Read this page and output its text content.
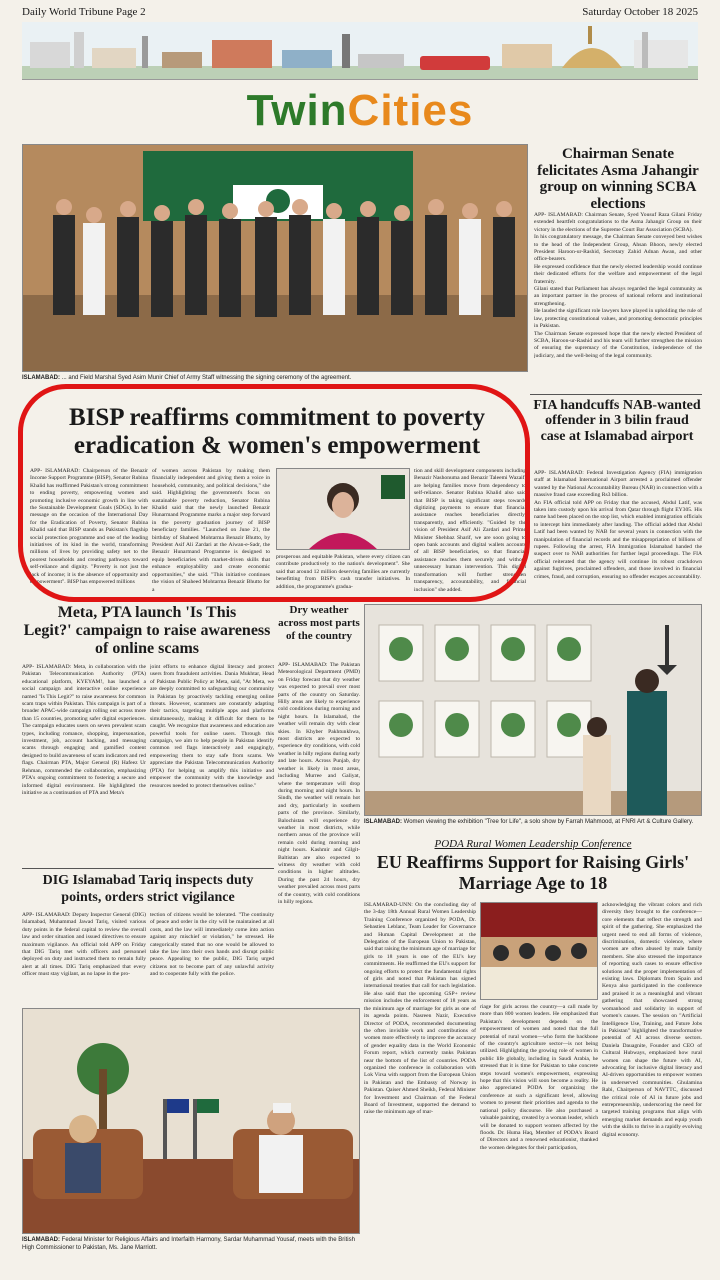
Daily World Tribune Page 2	Saturday October 18 2025
TwinCities
ISLAMABAD: ... and Field Marshal Syed Asim Munir Chief of Army Staff witnessing the signing ceremony of the agreement.
Chairman Senate felicitates Asma Jahangir group on winning SCBA elections

APP- ISLAMABAD: Chairman Senate, Syed Yousuf Raza Gilani Friday extended heartfelt congratulations to the Asma Jahangir Group on their victory in the elections of the Supreme Court Bar Association (SCBA).

In his congratulatory message, the Chairman Senate conveyed best wishes to the head of the Independent Group, Ahsan Bhoon, newly elected President Haroon-ur-Rashid, Secretary Zahid Adnan Awan, and other office-bearers.

He expressed confidence that the newly elected leadership would continue their dedicated efforts for the welfare and empowerment of the legal fraternity.

Gilani stated that Parliament has always regarded the legal community as an important partner in the process of national reform and institutional strengthening.

He lauded the significant role lawyers have played in upholding the rule of law, protecting constitutional values, and promoting democratic principles in Pakistan.

The Chairman Senate expressed hope that the newly elected President of SCBA, Haroon-ur-Rashid and his team will further strengthen the mission of ensuring the supremacy of the Constitution, independence of the judiciary, and the well-being of the legal community.

FIA handcuffs NAB-wanted offender in 3 bilin fraud case at Islamabad airport

APP- ISLAMABAD: Federal Investigation Agency (FIA) immigration staff at Islamabad International Airport arrested a proclaimed offender wanted by the National Accountability Bureau (NAB) in connection with a massive fraud case exceeding Rs3 billion.

An FIA official told APP on Friday that the accused, Abdul Latif, was taken into custody upon his arrival from Qatar through flight EY305. His name had been placed on the stop list, which enabled immigration officials to intercept him immediately after landing. The official added that Abdul Latif had been wanted by NAB for several years in connection with the manipulation of financial records and the misappropriation of billions of rupees. Following the arrest, FIA Immigration Islamabad handed the suspect over to NAB authorities for further legal proceedings. The FIA official reiterated that the agency will continue its robust crackdown against fugitives, proclaimed offenders, and those involved in financial crimes, fraud, and corruption, ensuring no offender escapes accountability.

BISP reaffirms commitment to poverty
eradication & women's empowerment
APP- ISLAMABAD: Chairperson of the Benazir Income Support Programme (BISP), Senator Rubina Khalid has reaffirmed Pakistan's strong commitment to ending poverty, empowering women and promoting inclusive economic growth in line with the Sustainable Development Goals (SDGs). In her message on the occasion of the International Day for the Eradication of Poverty, Senator Rubina Khalid said that BISP stands as Pakistan's flagship social protection programme and one of the leading initiatives of its kind in the world, transforming millions of lives by providing safety net to the poorest households and creating pathways toward self-reliance and dignity. "Poverty is not just the lack of income; it is the absence of opportunity and empowerment". BISP has empowered millions
of women across Pakistan by making them financially independent and giving them a voice in household, community, and political decisions," she said. Highlighting the government's focus on sustainable poverty reduction, Senator Rubina Khalid said that the newly launched Benazir Hunarmand Programme marks a major step forward in the poverty graduation journey of BISP beneficiary families. "Launched on June 21, the birthday of Shaheed Mohtarma Benazir Bhutto, by President Asif Ali Zardari at the Aiwan-e-Sadr, the Benazir Hunarmand Programme is designed to equip beneficiaries with market-driven skills that enhance employability and create economic opportunities," she said. "This initiative continues the vision of Shaheed Mohtarma Benazir Bhutto for a
prosperous and equitable Pakistan, where every citizen can contribute productively to the nation's development". She said that around 12 million deserving families are currently benefitting from BISP's cash transfer initiatives. In addition, the programme's gradua-
tion and skill development components including Benazir Nashonuma and Benazir Taleemi Wazaif, are helping families move from dependency to self-reliance. Senator Rubina Khalid also said that BISP is taking significant steps towards digitizing payments to ensure that financial assistance reaches beneficiaries directly, transparently, and efficiently. "Guided by the vision of President Asif Ali Zardari and Prime Minister Shehbaz Sharif, we are soon going to open bank accounts and digital wallets accounts of all BISP beneficiaries, so that financial assistance reaches them securely and without unnecessary human intervention. This digital transformation will further strengthen transparency, accountability, and financial inclusion" she added.
Meta, PTA launch 'Is This
Legit?' campaign to raise awareness of online scams
APP- ISLAMABAD: Meta, in collaboration with the Pakistan Telecommunication Authority (PTA) educational platform, KYEYAM!, has launched a social campaign and interactive online experience named "Is This Legit?" to raise awareness for common scam traps within Pakistan. This campaign is part of a broader APAC-wide campaign rolling out across more than 15 countries, promoting safer digital experiences. The campaign educates users on seven prevalent scam types, including romance, shopping, impersonation, investment, job, account hacking, and messaging scams through engaging and gamified content designed to build awareness of scam indicators and red flags. Chairman PTA, Major General (R) Hafeez Ur Rehman, commended the collaboration, emphasizing PTA's ongoing commitment to fostering a secure and informed digital environment. He highlighted the initiative as a continuation of PTA and Meta's
joint efforts to enhance digital literacy and protect users from fraudulent activities. Dania Mukhtar, Head of Pakistan Public Policy at Meta, said, "At Meta, we are deeply committed to safeguarding our community in Pakistan by proactively tackling emerging online threats. However, scammers are constantly adapting their tactics, targeting multiple apps and platforms simultaneously, making it difficult for them to be caught. We recognize that awareness and education are powerful tools for online users. Through this campaign, we aim to help people in Pakistan identify common red flags interactively and engagingly, empowering them to stay safe from scams. We appreciate the Pakistan Telecommunication Authority (PTA) for helping us amplify this initiative and empower the community with the knowledge and resources needed to protect themselves online."
Dry weather
across most parts of the country
APP- ISLAMABAD: The Pakistan Meteorological Department (PMD) on Friday forecast that dry weather was expected to prevail over most parts of the country on Saturday. Hilly areas are likely to experience cold conditions during morning and night hours. In Islamabad, the weather will remain dry with clear skies. In Khyber Pakhtunkhwa, most districts are expected to experience dry conditions, with cold weather in hilly regions during early and late hours. Across Punjab, dry weather is likely in most areas, including Murree and Galiyat, where the temperature will drop during morning and night hours. In Sindh, the weather will remain hot and dry, particularly in southern parts of the province. Similarly, Balochistan will experience dry weather in most districts, while northern areas of the province will remain cold during morning and night hours. Kashmir and Gilgit-Baltistan are also expected to witness dry weather with cold conditions in higher altitudes. During the past 24 hours, dry weather prevailed across most parts of the country, with cold conditions in hilly regions.
ISLAMABAD: Women viewing the exhibition "Tree for Life", a solo show by Farrah Mahmood, at FNRI Art & Culture Gallery.
DIG Islamabad Tariq inspects duty points, orders strict vigilance
APP- ISLAMABAD: Deputy Inspector General (DIG) Islamabad, Muhammad Jawad Tariq, visited various duty points in the federal capital to review the overall law and order situation and issued directives to ensure maximum vigilance. An official told APP on Friday that DIG Tariq met with officers and personnel deployed on duty and instructed them to remain fully alert at all times. DIG Tariq emphasized that every officer must stay vigilant, as no lapse in the pro-
tection of citizens would be tolerated. "The continuity of peace and order in the city will be maintained at all costs, and the law will immediately come into action against any mischief or violation," he stressed. He categorically stated that no one would be allowed to take the law into their own hands and disrupt public peace. Appealing to the public, DIG Tariq urged citizens not to become part of any unlawful activity and to cooperate fully with the police.
PODA Rural Women Leadership Conference
EU Reaffirms Support for Raising Girls' Marriage Age to 18
ISLAMABAD-UNN: On the concluding day of the 3-day 18th Annual Rural Women Leadership Training Conference organized by PODA, Dr. Sebastien Leblanc, Team Leader for Governance and Human Capital Development at the Delegation of the European Union to Pakistan, said that raising the minimum age of marriage for girls to 18 years is one of the EU's key commitments. He reaffirmed the EU's support for ongoing efforts to protect the fundamental rights of girls and noted that Pakistan has signed international treaties that call for such legislation. He also said that the upcoming GSP+ review mission includes the enforcement of 18 years as the minimum age of marriage for girls as one of its agenda points. Nasreen Nazir, Executive Director of PODA, recommended documenting the often invisible work and contributions of women more effectively to improve the accuracy of gender equality data in the World Economic Forum report, which currently ranks Pakistan near the bottom of the list of countries. PODA organized the conference in collaboration with Lok Virsa with support from the European Union in Pakistan and the Embassy of Norway in Pakistan. Qaiser Ahmed Sheikh, Federal Minister for Investment and Chairman of the Federal Board of Investment, supported the demand to raise the minimum age of mar-
riage for girls across the country—a call made by more than 800 women leaders. He emphasized that Pakistan's development depends on the empowerment of women and noted that the full potential of rural women—who form the backbone of the country's agriculture sector—is not being utilized. Highlighting the growing role of women in public life globally, including in Saudi Arabia, he stressed that it is time for Pakistan to take concrete steps toward women's empowerment, expressing hope that this vision will soon become a reality. He also appreciated PODA for organizing the conference at such a significant level, allowing women to present their priorities and agenda to the national policy discourse. He also purchased a valuable painting, created by a woman leader, which will be donated to support women affected by the floods. Dr. Huma Haq, Member of PODA's Board of Directors and a renowned educationist, thanked the women delegates for their participation,
acknowledging the vibrant colors and rich diversity they brought to the conference—core elements that reflect the strength and spirit of the gathering. She emphasized the urgent need to end all forms of violence, discrimination, domestic violence, where women are often abused by male family members. She also stressed the importance of reporting such cases to ensure effective solutions and the proper implementation of existing laws. Diplomats from Spain and Kenya also participated in the conference and praised it as a meaningful and vibrant gathering that showcased strong womanhood and solidarity in support of women's causes. The session on "Artificial Intelligence Use, Training, and Future Jobs in Pakistan" highlighted the transformative potential of AI across diverse sectors. Daniela Dauagnite, Founder and CEO of Cultural Hubways, emphasized how rural women can shape the future with AI, advocating for inclusive digital literacy and AI-driven opportunities to empower women in underserved communities. Ghulamina Rabi, Chairperson of NAVTTC, discussed the critical role of AI in future jobs and entrepreneurship, underscoring the need for targeted training programs that align with emerging market demands and equip youth with the skills to thrive in a rapidly evolving digital economy.
ISLAMABAD: Federal Minister for Religious Affairs and Interfaith Harmony, Sardar Muhammad Yousaf, meets with the British High Commissioner to Pakistan, Ms. Jane Marriott.
